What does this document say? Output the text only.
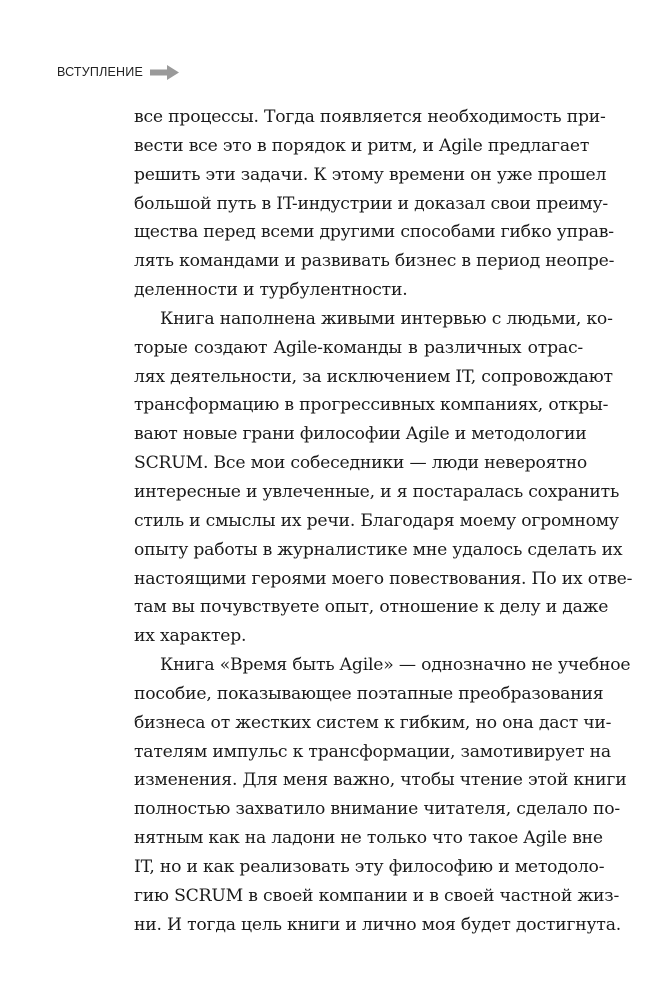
ВСТУПЛЕНИЕ
все процессы. Тогда появляется необходимость при-
вести все это в порядок и ритм, и Agile предлагает
решить эти задачи. К этому времени он уже прошел
большой путь в IT-индустрии и доказал свои преиму-
щества перед всеми другими способами гибко управ-
лять командами и развивать бизнес в период неопре-
деленности и турбулентности.
Книга наполнена живыми интервью с людьми, ко-
торые создают Agile-команды в различных отрас-
лях деятельности, за исключением IT, сопровождают
трансформацию в прогрессивных компаниях, откры-
вают новые грани философии Agile и методологии
SCRUM. Все мои собеседники — люди невероятно
интересные и увлеченные, и я постаралась сохранить
стиль и смыслы их речи. Благодаря моему огромному
опыту работы в журналистике мне удалось сделать их
настоящими героями моего повествования. По их отве-
там вы почувствуете опыт, отношение к делу и даже
их характер.
Книга «Время быть Agile» — однозначно не учебное
пособие, показывающее поэтапные преобразования
бизнеса от жестких систем к гибким, но она даст чи-
тателям импульс к трансформации, замотивирует на
изменения. Для меня важно, чтобы чтение этой книги
полностью захватило внимание читателя, сделало по-
нятным как на ладони не только что такое Agile вне
IT, но и как реализовать эту философию и методоло-
гию SCRUM в своей компании и в своей частной жиз-
ни. И тогда цель книги и лично моя будет достигнута.
